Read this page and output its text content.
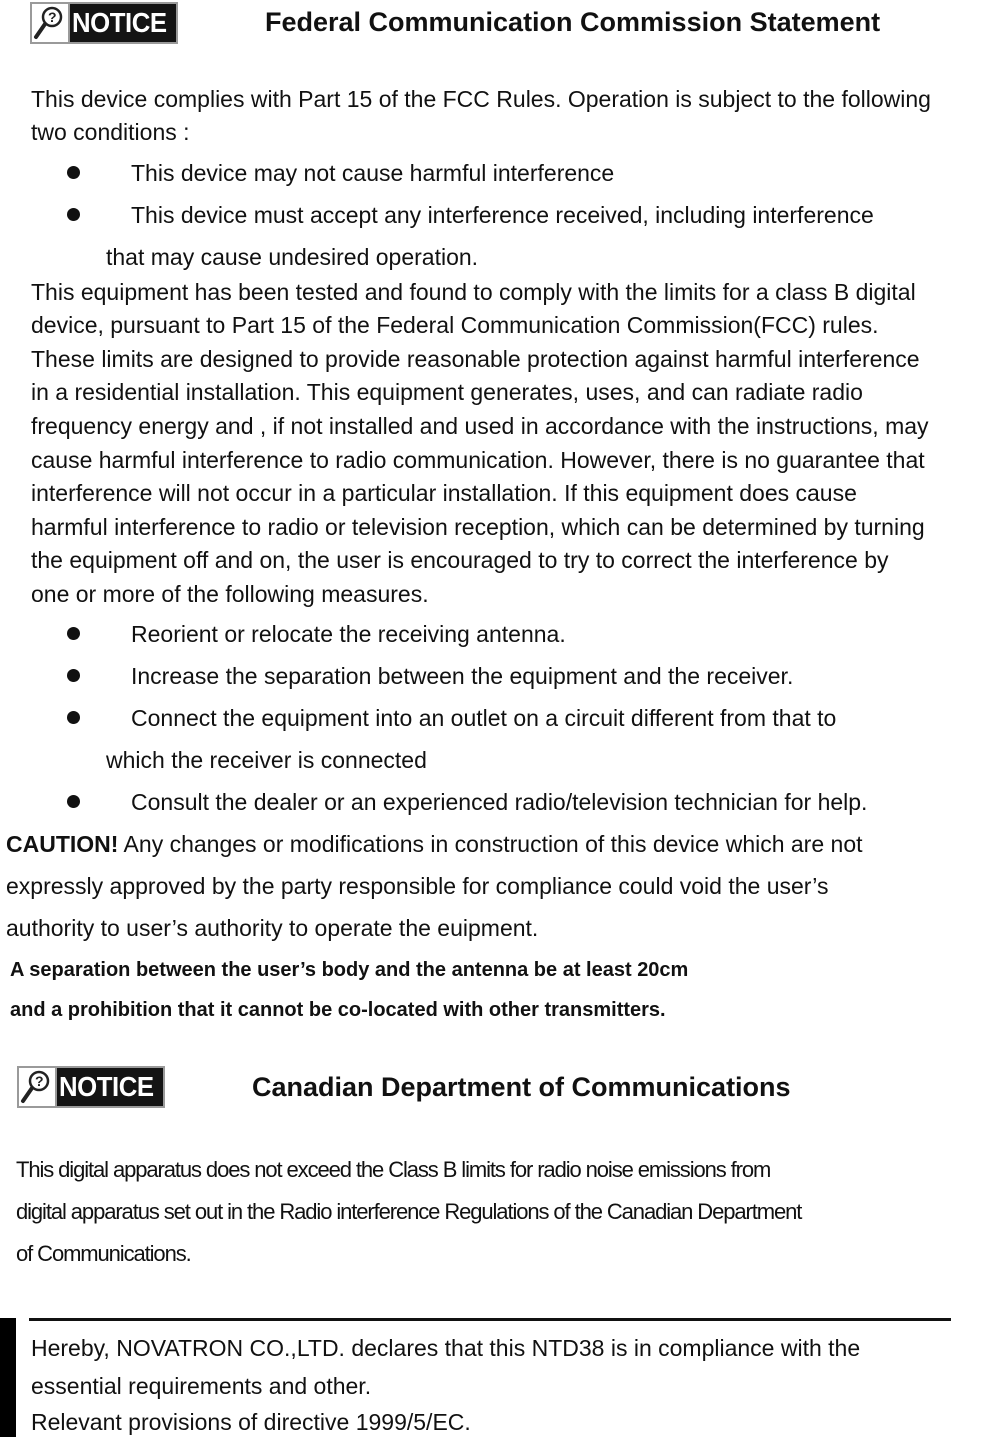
? NOTICE	Federal Communication Commission Statement
This device complies with Part 15 of the FCC Rules. Operation is subject to the following
two conditions :
This device may not cause harmful interference
This device must accept any interference received, including interference
that may cause undesired operation.
This equipment has been tested and found to comply with the limits for a class B digital
device, pursuant to Part 15 of the Federal Communication Commission(FCC) rules.
These limits are designed to provide reasonable protection against harmful interference
in a residential installation. This equipment generates, uses, and can radiate radio
frequency energy and , if not installed and used in accordance with the instructions, may
cause harmful interference to radio communication. However, there is no guarantee that
interference will not occur in a particular installation. If this equipment does cause
harmful interference to radio or television reception, which can be determined by turning
the equipment off and on, the user is encouraged to try to correct the interference by
one or more of the following measures.
Reorient or relocate the receiving antenna.
Increase the separation between the equipment and the receiver.
Connect the equipment into an outlet on a circuit different from that to
which the receiver is connected
Consult the dealer or an experienced radio/television technician for help.
CAUTION! Any changes or modifications in construction of this device which are not
expressly approved by the party responsible for compliance could void the user’s
authority to user’s authority to operate the euipment.
A separation between the user’s body and the antenna be at least 20cm
and a prohibition that it cannot be co-located with other transmitters.
? NOTICE	Canadian Department of Communications
This digital apparatus does not exceed the Class B limits for radio noise emissions from
digital apparatus set out in the Radio interference Regulations of the Canadian Department
of Communications.
Hereby, NOVATRON CO.,LTD. declares that this NTD38 is in compliance with the
essential requirements and other.
Relevant provisions of directive 1999/5/EC.
